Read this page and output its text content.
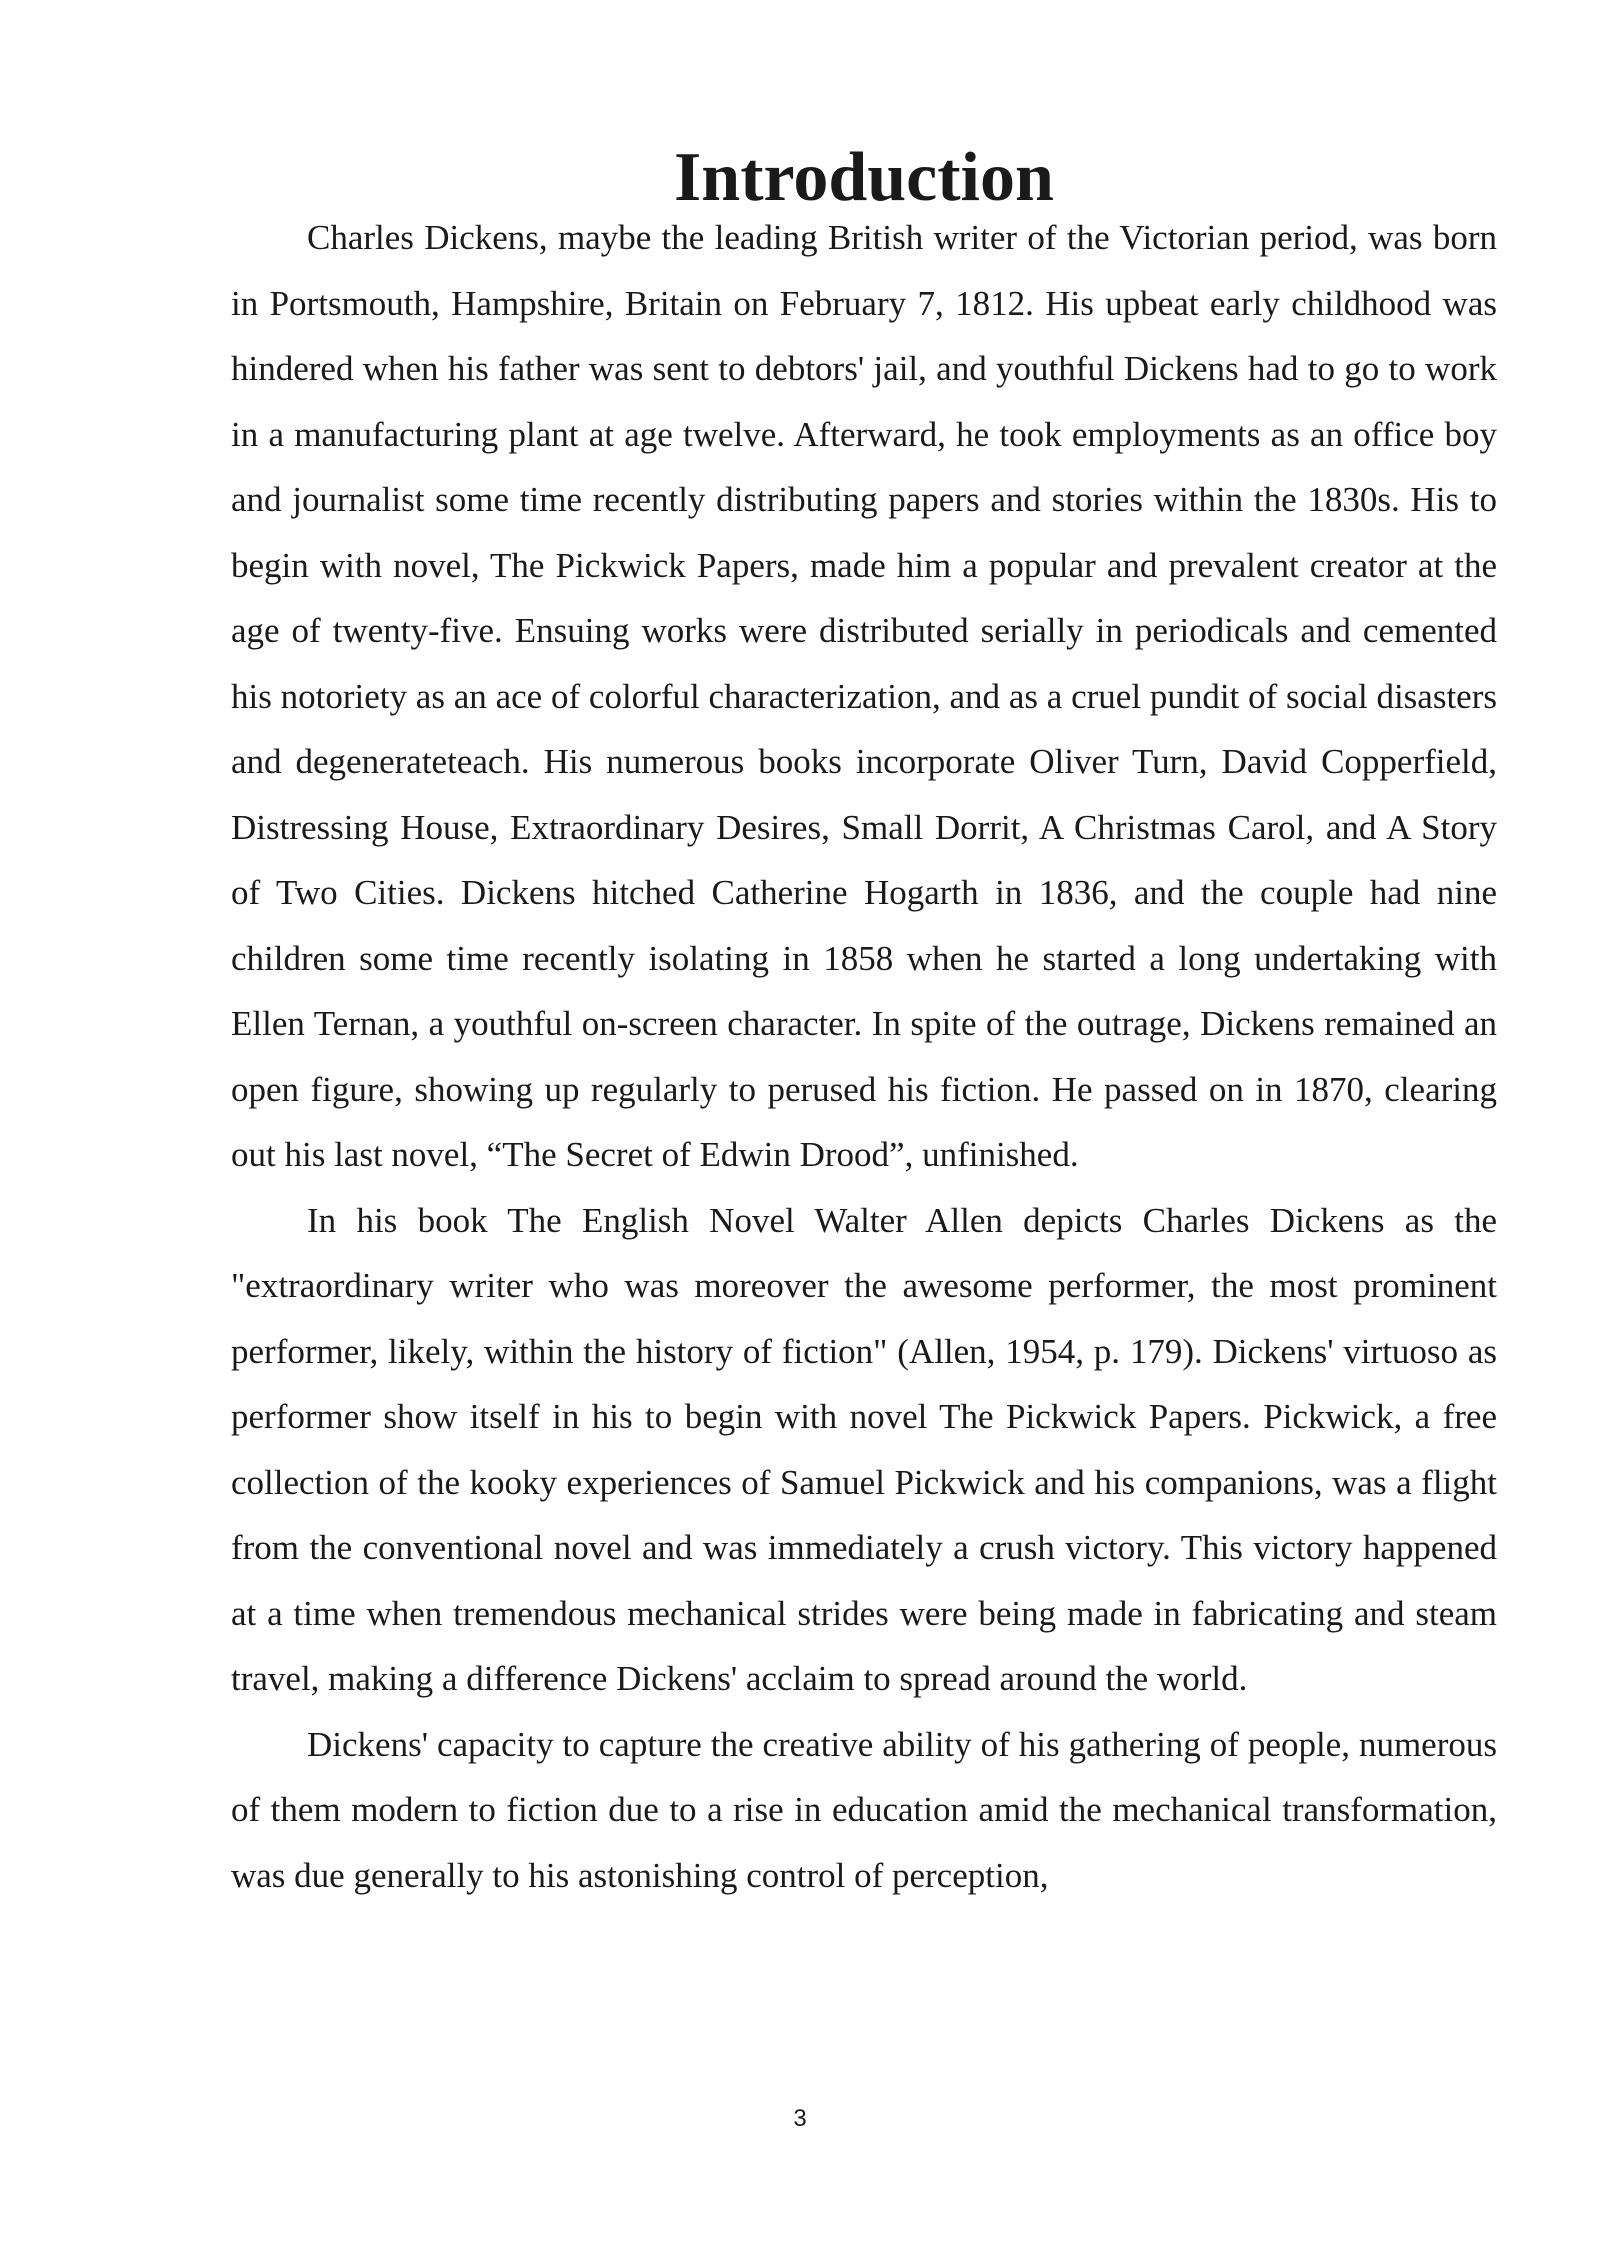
Introduction

Charles Dickens, maybe the leading British writer of the Victorian period, was born in Portsmouth, Hampshire, Britain on February 7, 1812. His upbeat early childhood was hindered when his father was sent to debtors' jail, and youthful Dickens had to go to work in a manufacturing plant at age twelve. Afterward, he took employments as an office boy and journalist some time recently distributing papers and stories within the 1830s. His to begin with novel, The Pickwick Papers, made him a popular and prevalent creator at the age of twenty-five. Ensuing works were distributed serially in periodicals and cemented his notoriety as an ace of colorful characterization, and as a cruel pundit of social disasters and degenerateteach. His numerous books incorporate Oliver Turn, David Copperfield, Distressing House, Extraordinary Desires, Small Dorrit, A Christmas Carol, and A Story of Two Cities. Dickens hitched Catherine Hogarth in 1836, and the couple had nine children some time recently isolating in 1858 when he started a long undertaking with Ellen Ternan, a youthful on-screen character. In spite of the outrage, Dickens remained an open figure, showing up regularly to perused his fiction. He passed on in 1870, clearing out his last novel, “The Secret of Edwin Drood”, unfinished.

In his book The English Novel Walter Allen depicts Charles Dickens as the "extraordinary writer who was moreover the awesome performer, the most prominent performer, likely, within the history of fiction" (Allen, 1954, p. 179). Dickens' virtuoso as performer show itself in his to begin with novel The Pickwick Papers. Pickwick, a free collection of the kooky experiences of Samuel Pickwick and his companions, was a flight from the conventional novel and was immediately a crush victory. This victory happened at a time when tremendous mechanical strides were being made in fabricating and steam travel, making a difference Dickens' acclaim to spread around the world.

Dickens' capacity to capture the creative ability of his gathering of people, numerous of them modern to fiction due to a rise in education amid the mechanical transformation, was due generally to his astonishing control of perception,

3
